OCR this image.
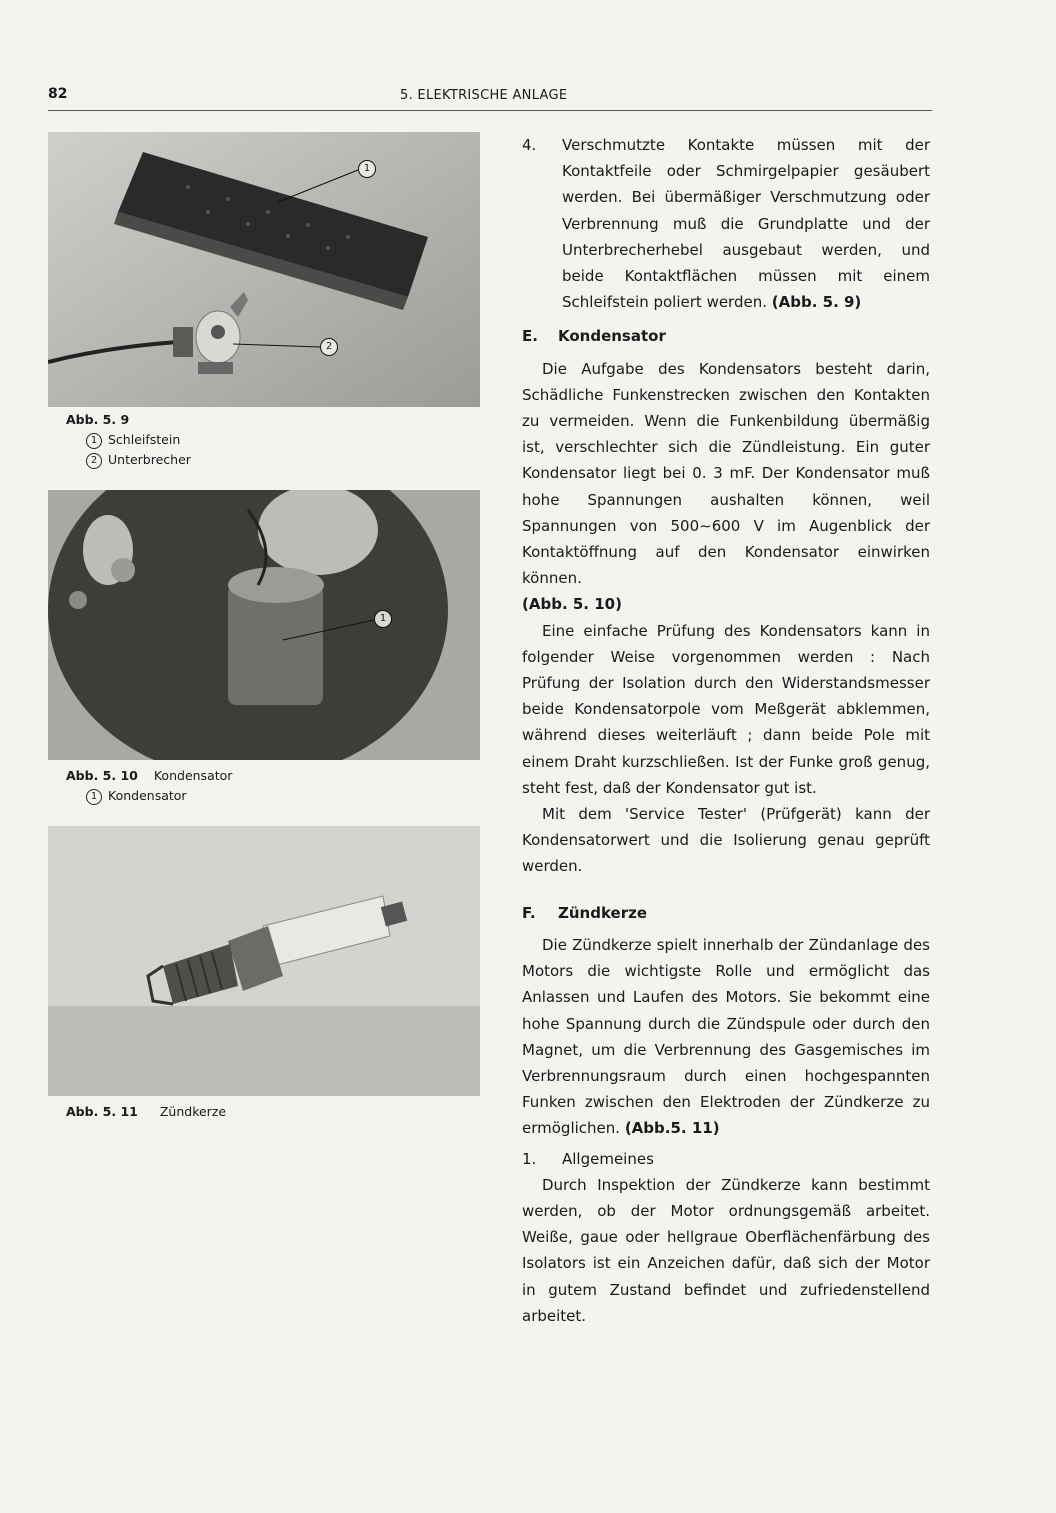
82	5. ELEKTRISCHE ANLAGE
1
2
Abb. 5. 9
1 Schleifstein
2 Unterbrecher
1
Abb. 5. 10 Kondensator
1 Kondensator
Abb. 5. 11 Zündkerze
4.	Verschmutzte Kontakte müssen mit der Kontaktfeile oder Schmirgelpapier gesäubert werden. Bei übermäßiger Verschmutzung oder Verbrennung muß die Grundplatte und der Unterbrecherhebel ausgebaut werden, und beide Kontaktflächen müssen mit einem Schleifstein poliert werden. (Abb. 5. 9)

E. Kondensator

Die Aufgabe des Kondensators besteht darin, Schädliche Funkenstrecken zwischen den Kontakten zu vermeiden. Wenn die Funkenbildung übermäßig ist, verschlechter sich die Zündleistung. Ein guter Kondensator liegt bei 0. 3 mF. Der Kondensator muß hohe Spannungen aushalten können, weil Spannungen von 500∼600 V im Augenblick der Kontaktöffnung auf den Kondensator einwirken können.
(Abb. 5. 10)

Eine einfache Prüfung des Kondensators kann in folgender Weise vorgenommen werden : Nach Prüfung der Isolation durch den Widerstandsmesser beide Kondensatorpole vom Meßgerät abklemmen, während dieses weiterläuft ; dann beide Pole mit einem Draht kurzschließen. Ist der Funke groß genug, steht fest, daß der Kondensator gut ist.

Mit dem 'Service Tester' (Prüfgerät) kann der Kondensatorwert und die Isolierung genau geprüft werden.

F. Zündkerze

Die Zündkerze spielt innerhalb der Zündanlage des Motors die wichtigste Rolle und ermöglicht das Anlassen und Laufen des Motors. Sie bekommt eine hohe Spannung durch die Zündspule oder durch den Magnet, um die Verbrennung des Gasgemisches im Verbrennungsraum durch einen hochgespannten Funken zwischen den Elektroden der Zündkerze zu ermöglichen. (Abb.5. 11)

1. Allgemeines

Durch Inspektion der Zündkerze kann bestimmt werden, ob der Motor ordnungsgemäß arbeitet. Weiße, gaue oder hellgraue Oberflächenfärbung des Isolators ist ein Anzeichen dafür, daß sich der Motor in gutem Zustand befindet und zufriedenstellend arbeitet.
